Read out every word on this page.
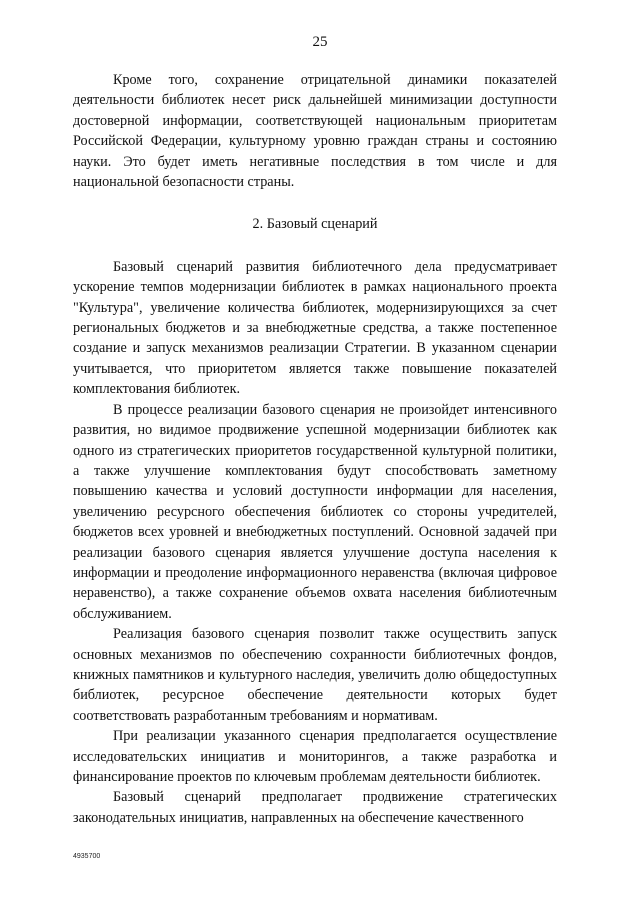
25

Кроме того, сохранение отрицательной динамики показателей деятельности библиотек несет риск дальнейшей минимизации доступности достоверной информации, соответствующей национальным приоритетам Российской Федерации, культурному уровню граждан страны и состоянию науки. Это будет иметь негативные последствия в том числе и для национальной безопасности страны.

2. Базовый сценарий

Базовый сценарий развития библиотечного дела предусматривает ускорение темпов модернизации библиотек в рамках национального проекта "Культура", увеличение количества библиотек, модернизирующихся за счет региональных бюджетов и за внебюджетные средства, а также постепенное создание и запуск механизмов реализации Стратегии. В указанном сценарии учитывается, что приоритетом является также повышение показателей комплектования библиотек.

В процессе реализации базового сценария не произойдет интенсивного развития, но видимое продвижение успешной модернизации библиотек как одного из стратегических приоритетов государственной культурной политики, а также улучшение комплектования будут способствовать заметному повышению качества и условий доступности информации для населения, увеличению ресурсного обеспечения библиотек со стороны учредителей, бюджетов всех уровней и внебюджетных поступлений. Основной задачей при реализации базового сценария является улучшение доступа населения к информации и преодоление информационного неравенства (включая цифровое неравенство), а также сохранение объемов охвата населения библиотечным обслуживанием.

Реализация базового сценария позволит также осуществить запуск основных механизмов по обеспечению сохранности библиотечных фондов, книжных памятников и культурного наследия, увеличить долю общедоступных библиотек, ресурсное обеспечение деятельности которых будет соответствовать разработанным требованиям и нормативам.

При реализации указанного сценария предполагается осуществление исследовательских инициатив и мониторингов, а также разработка и финансирование проектов по ключевым проблемам деятельности библиотек.

Базовый сценарий предполагает продвижение стратегических законодательных инициатив, направленных на обеспечение качественного

4935700
